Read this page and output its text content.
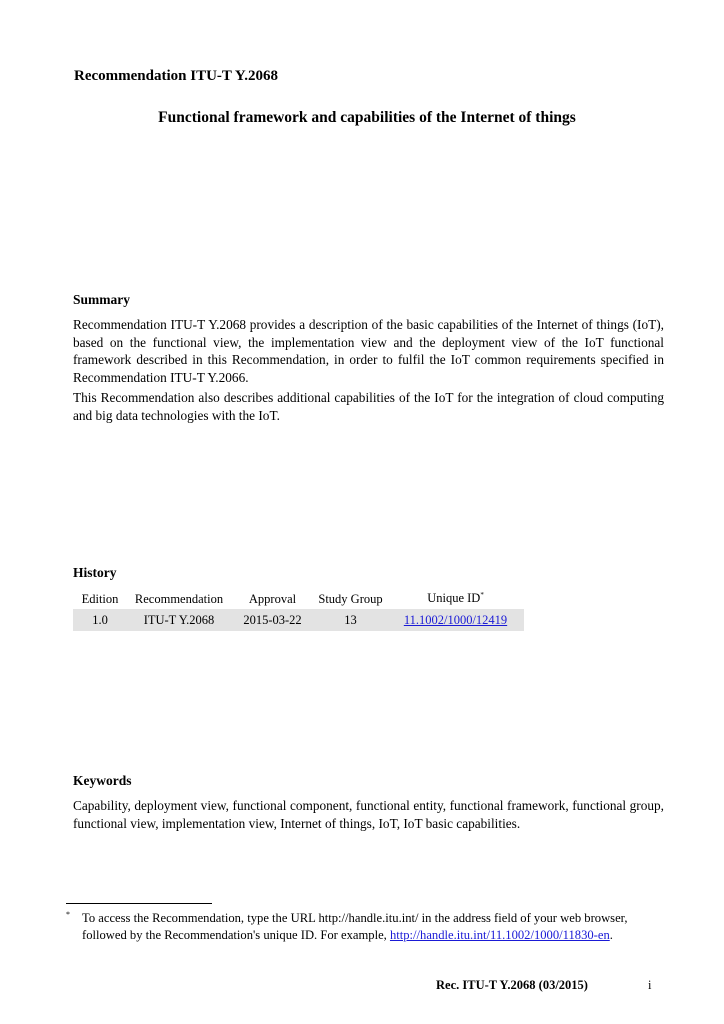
Recommendation ITU-T Y.2068
Functional framework and capabilities of the Internet of things
Summary
Recommendation ITU-T Y.2068 provides a description of the basic capabilities of the Internet of things (IoT), based on the functional view, the implementation view and the deployment view of the IoT functional framework described in this Recommendation, in order to fulfil the IoT common requirements specified in Recommendation ITU-T Y.2066.
This Recommendation also describes additional capabilities of the IoT for the integration of cloud computing and big data technologies with the IoT.
History
Edition	Recommendation	Approval	Study Group	Unique ID*
1.0	ITU-T Y.2068	2015-03-22	13	11.1002/1000/12419
Keywords
Capability, deployment view, functional component, functional entity, functional framework, functional group, functional view, implementation view, Internet of things, IoT, IoT basic capabilities.
* To access the Recommendation, type the URL http://handle.itu.int/ in the address field of your web browser, followed by the Recommendation's unique ID. For example, http://handle.itu.int/11.1002/1000/11830-en.
Rec. ITU-T Y.2068 (03/2015)	i
